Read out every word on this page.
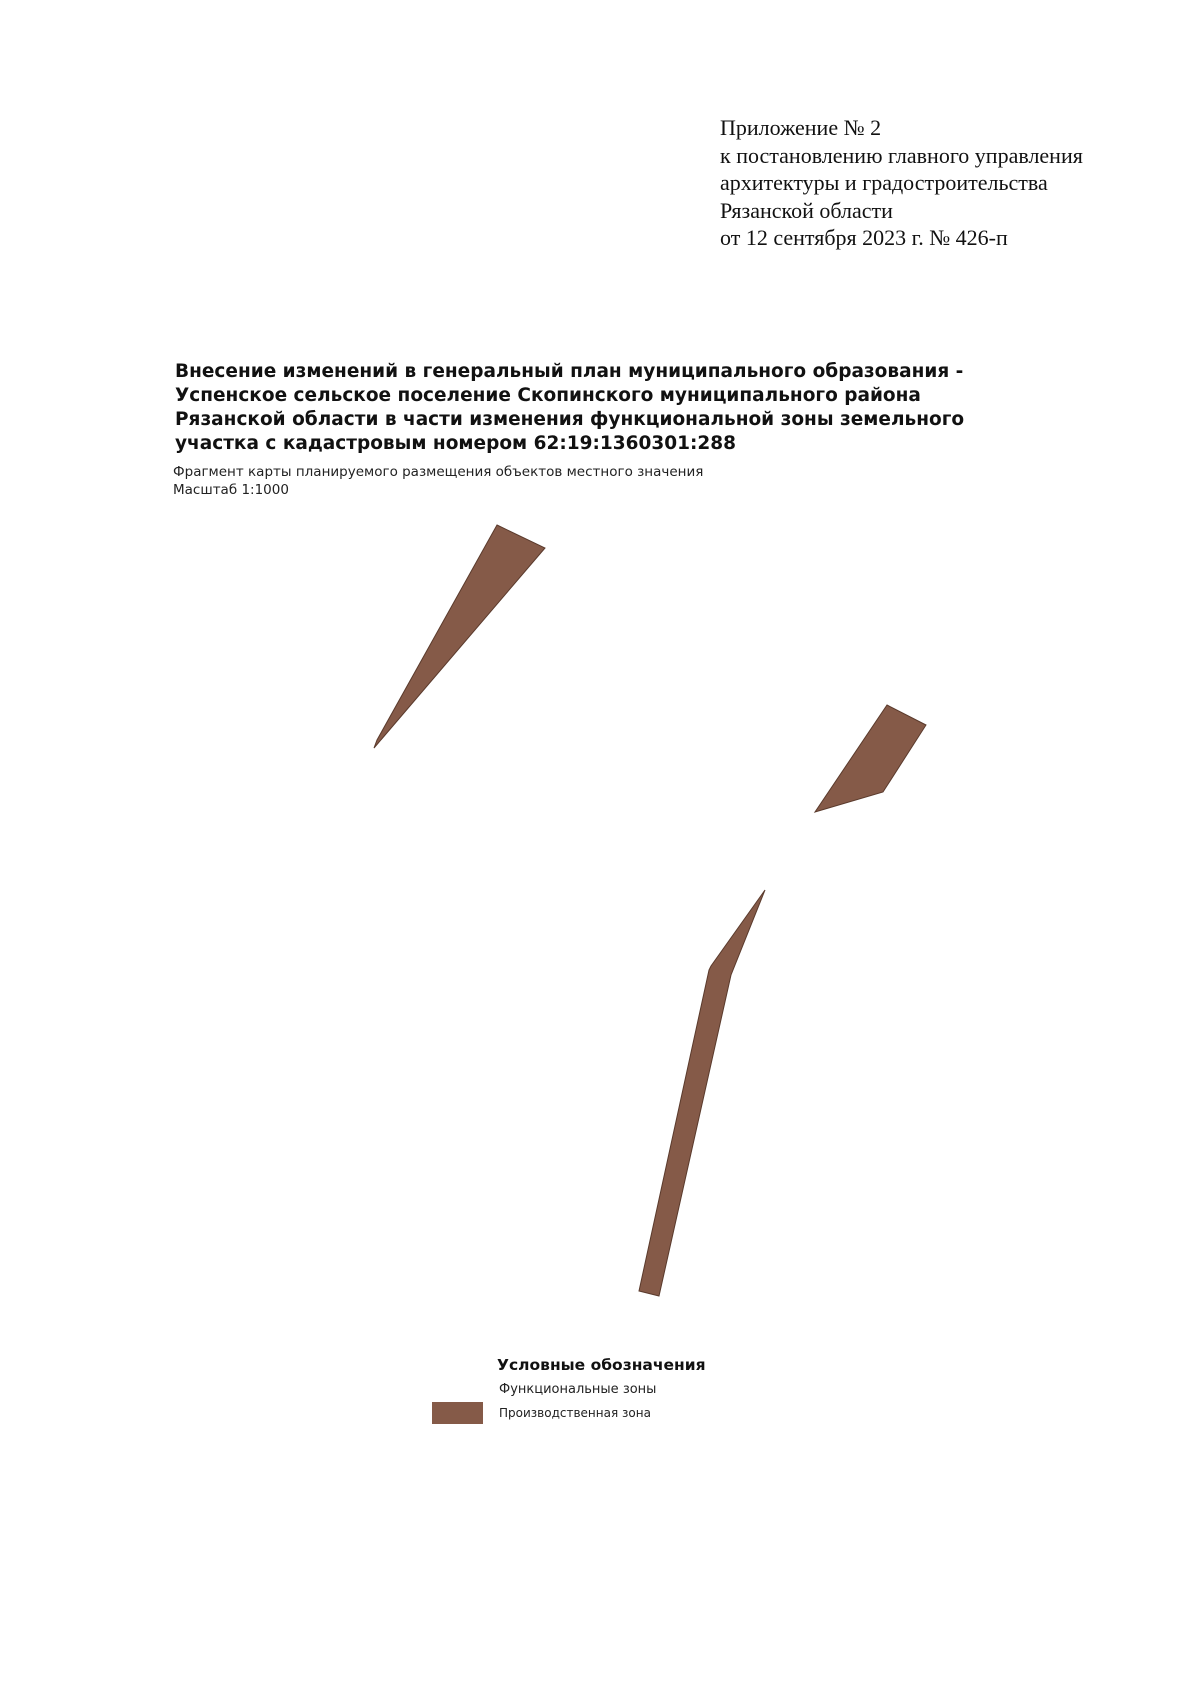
Приложение № 2
к постановлению главного управления
архитектуры и градостроительства
Рязанской области
от 12 сентября 2023 г. № 426-п
Внесение изменений в генеральный план муниципального образования -
Успенское сельское поселение Скопинского муниципального района
Рязанской области в части изменения функциональной зоны земельного
участка с кадастровым номером 62:19:1360301:288
Фрагмент карты планируемого размещения объектов местного значения
Масштаб 1:1000
Условные обозначения
Функциональные зоны
Производственная зона
